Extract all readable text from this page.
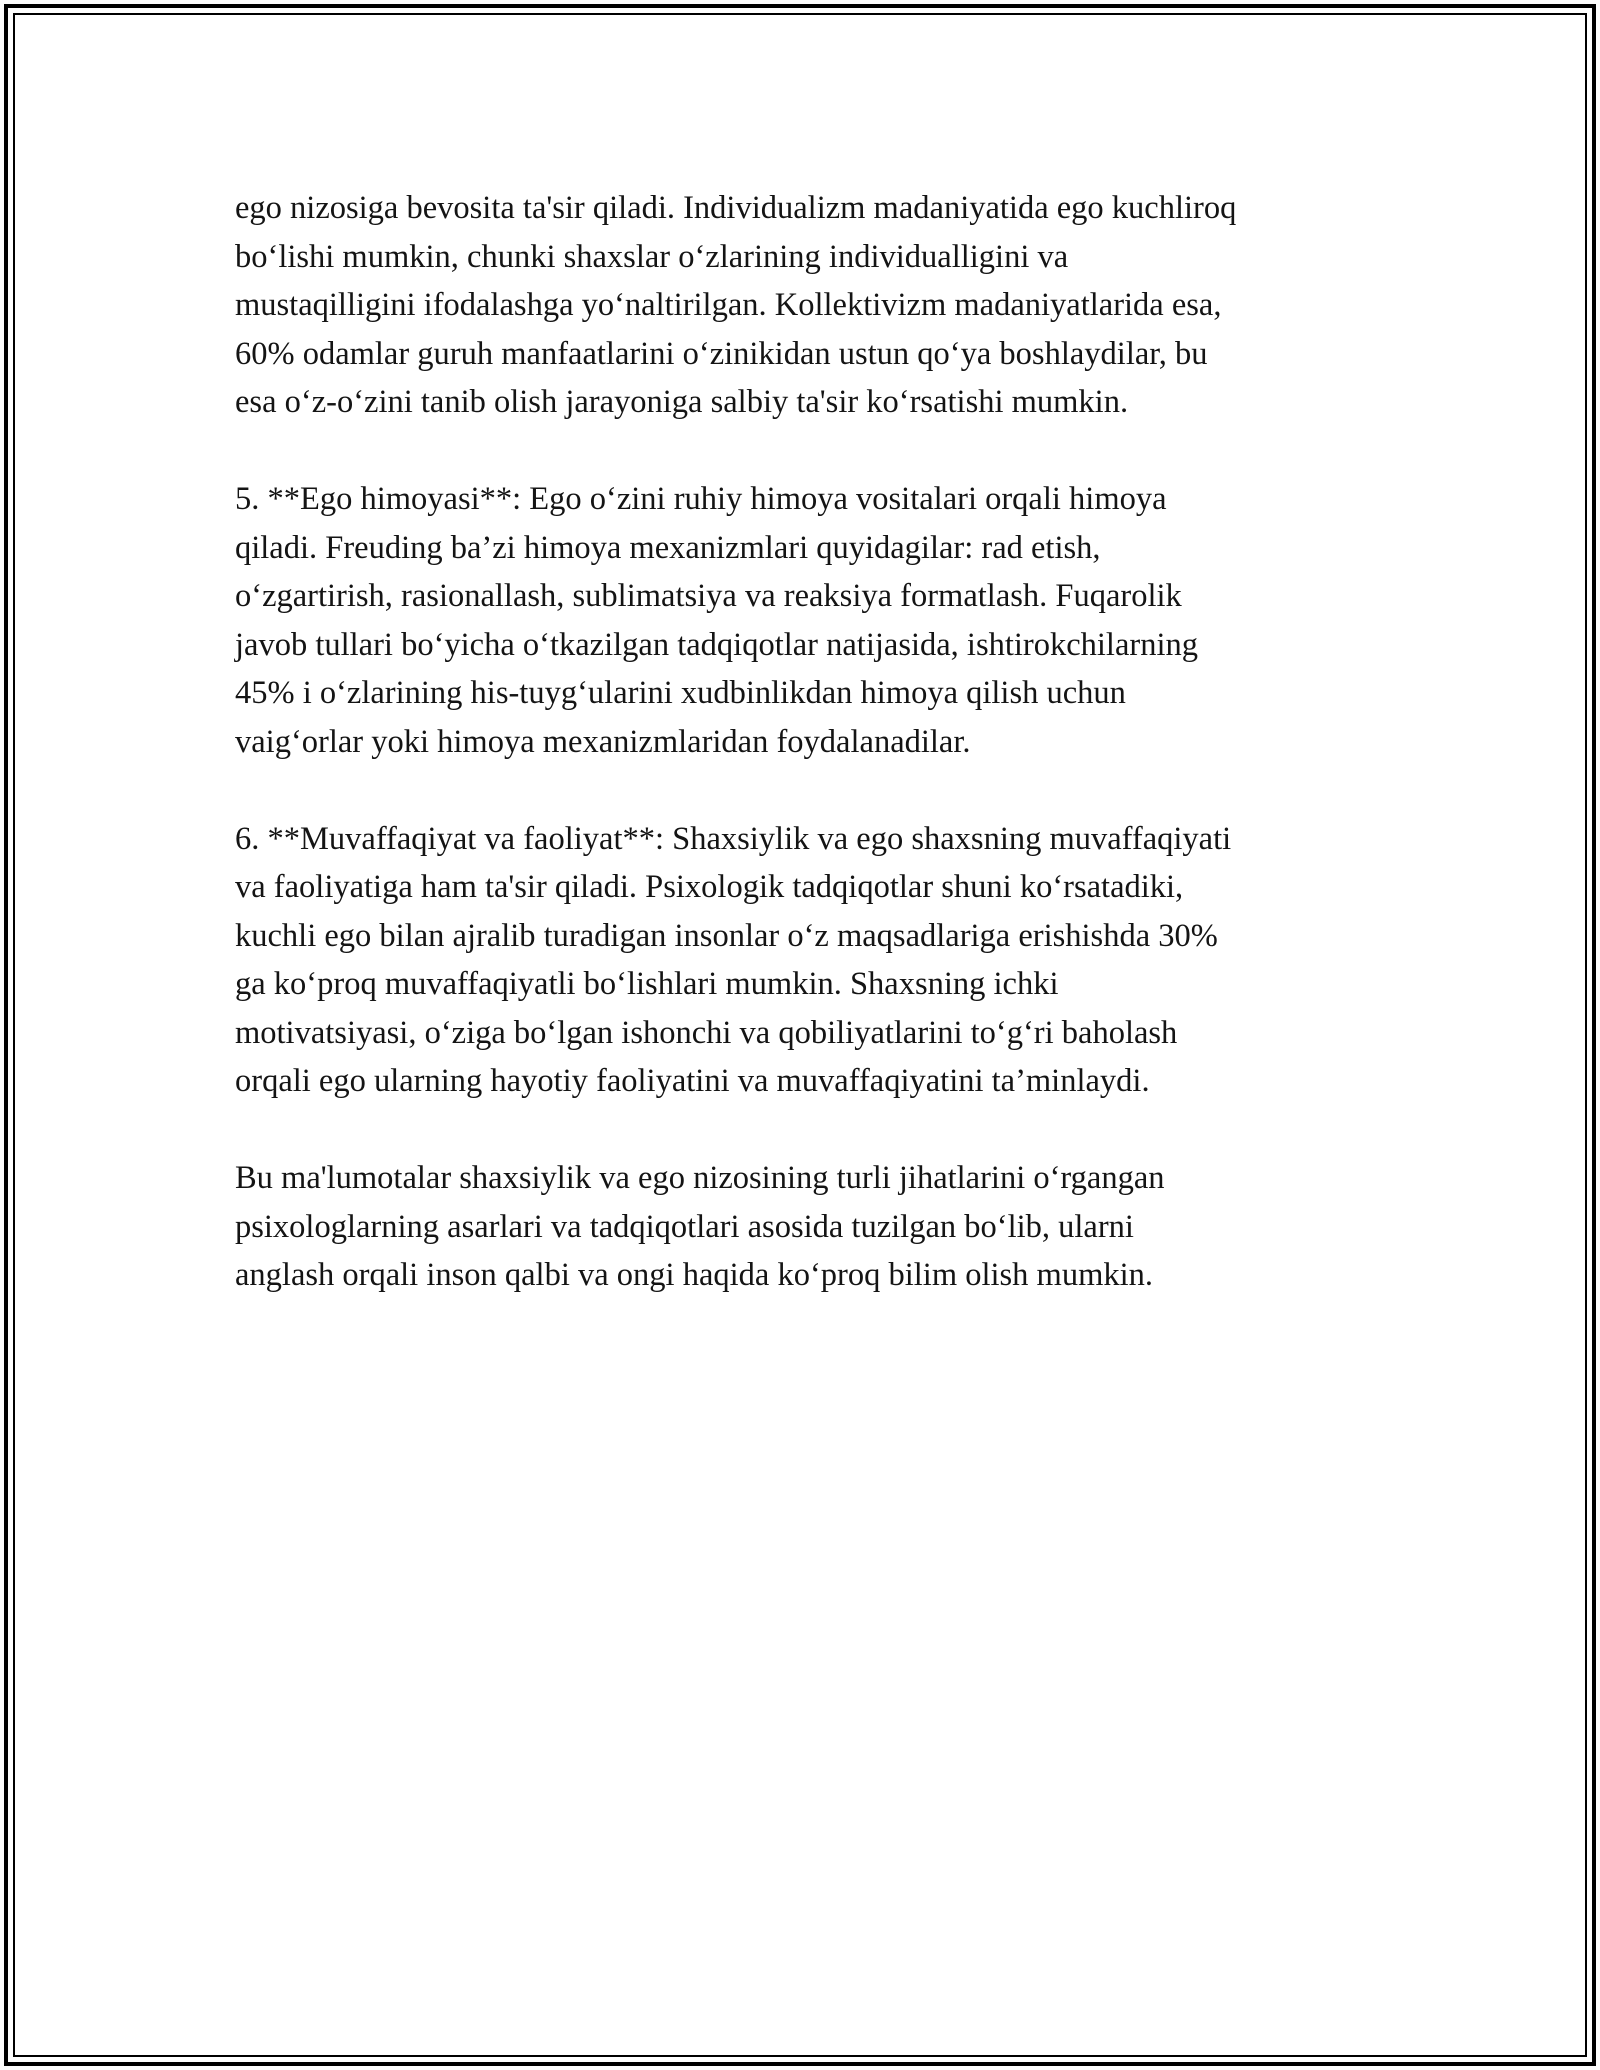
ego nizosiga bevosita ta'sir qiladi. Individualizm madaniyatida ego kuchliroq
bo‘lishi mumkin, chunki shaxslar o‘zlarining individualligini va
mustaqilligini ifodalashga yo‘naltirilgan. Kollektivizm madaniyatlarida esa,
60% odamlar guruh manfaatlarini o‘zinikidan ustun qo‘ya boshlaydilar, bu
esa o‘z-o‘zini tanib olish jarayoniga salbiy ta'sir ko‘rsatishi mumkin.

5. **Ego himoyasi**: Ego o‘zini ruhiy himoya vositalari orqali himoya
qiladi. Freuding ba’zi himoya mexanizmlari quyidagilar: rad etish,
o‘zgartirish, rasionallash, sublimatsiya va reaksiya formatlash. Fuqarolik
javob tullari bo‘yicha o‘tkazilgan tadqiqotlar natijasida, ishtirokchilarning
45% i o‘zlarining his-tuyg‘ularini xudbinlikdan himoya qilish uchun
vaig‘orlar yoki himoya mexanizmlaridan foydalanadilar.

6. **Muvaffaqiyat va faoliyat**: Shaxsiylik va ego shaxsning muvaffaqiyati
va faoliyatiga ham ta'sir qiladi. Psixologik tadqiqotlar shuni ko‘rsatadiki,
kuchli ego bilan ajralib turadigan insonlar o‘z maqsadlariga erishishda 30%
ga ko‘proq muvaffaqiyatli bo‘lishlari mumkin. Shaxsning ichki
motivatsiyasi, o‘ziga bo‘lgan ishonchi va qobiliyatlarini to‘g‘ri baholash
orqali ego ularning hayotiy faoliyatini va muvaffaqiyatini ta’minlaydi.

Bu ma'lumotalar shaxsiylik va ego nizosining turli jihatlarini o‘rgangan
psixologlarning asarlari va tadqiqotlari asosida tuzilgan bo‘lib, ularni
anglash orqali inson qalbi va ongi haqida ko‘proq bilim olish mumkin.
